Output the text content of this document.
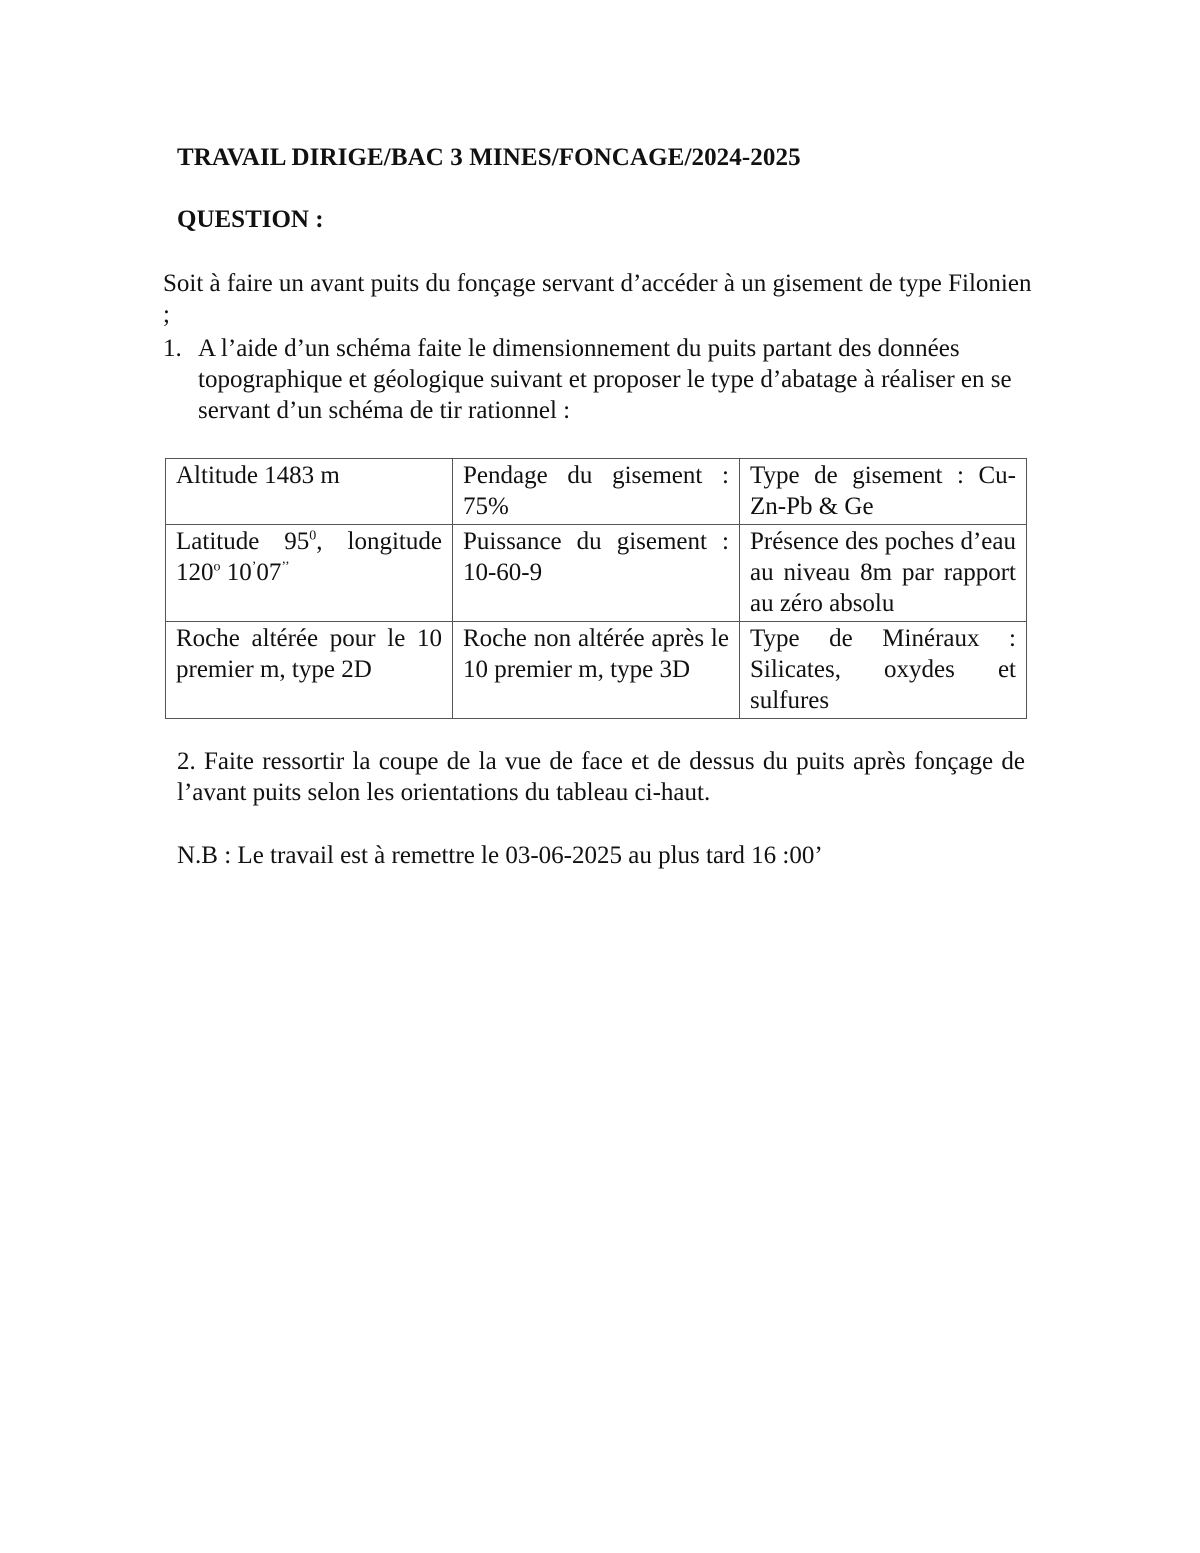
TRAVAIL DIRIGE/BAC 3 MINES/FONCAGE/2024-2025
QUESTION :
Soit à faire un avant puits du fonçage servant d’accéder à un gisement de type Filonien ;
1. A l’aide d’un schéma faite le dimensionnement du puits partant des données topographique et géologique suivant et proposer le type d’abatage à réaliser en se servant d’un schéma de tir rationnel :
Altitude 1483 m	Pendage du gisement : 75%	Type de gisement : Cu-Zn-Pb & Ge
Latitude $95^0$, longitude 120$^o$ 10’07’’	Puissance du gisement : 10-60-9	Présence des poches d’eau au niveau 8m par rapport au zéro absolu
Roche altérée pour le 10 premier m, type 2D	Roche non altérée après le 10 premier m, type 3D	Type de Minéraux : Silicates, oxydes et sulfures
2. Faite ressortir la coupe de la vue de face et de dessus du puits après fonçage de l’avant puits selon les orientations du tableau ci-haut.
N.B : Le travail est à remettre le 03-06-2025 au plus tard 16 :00’
